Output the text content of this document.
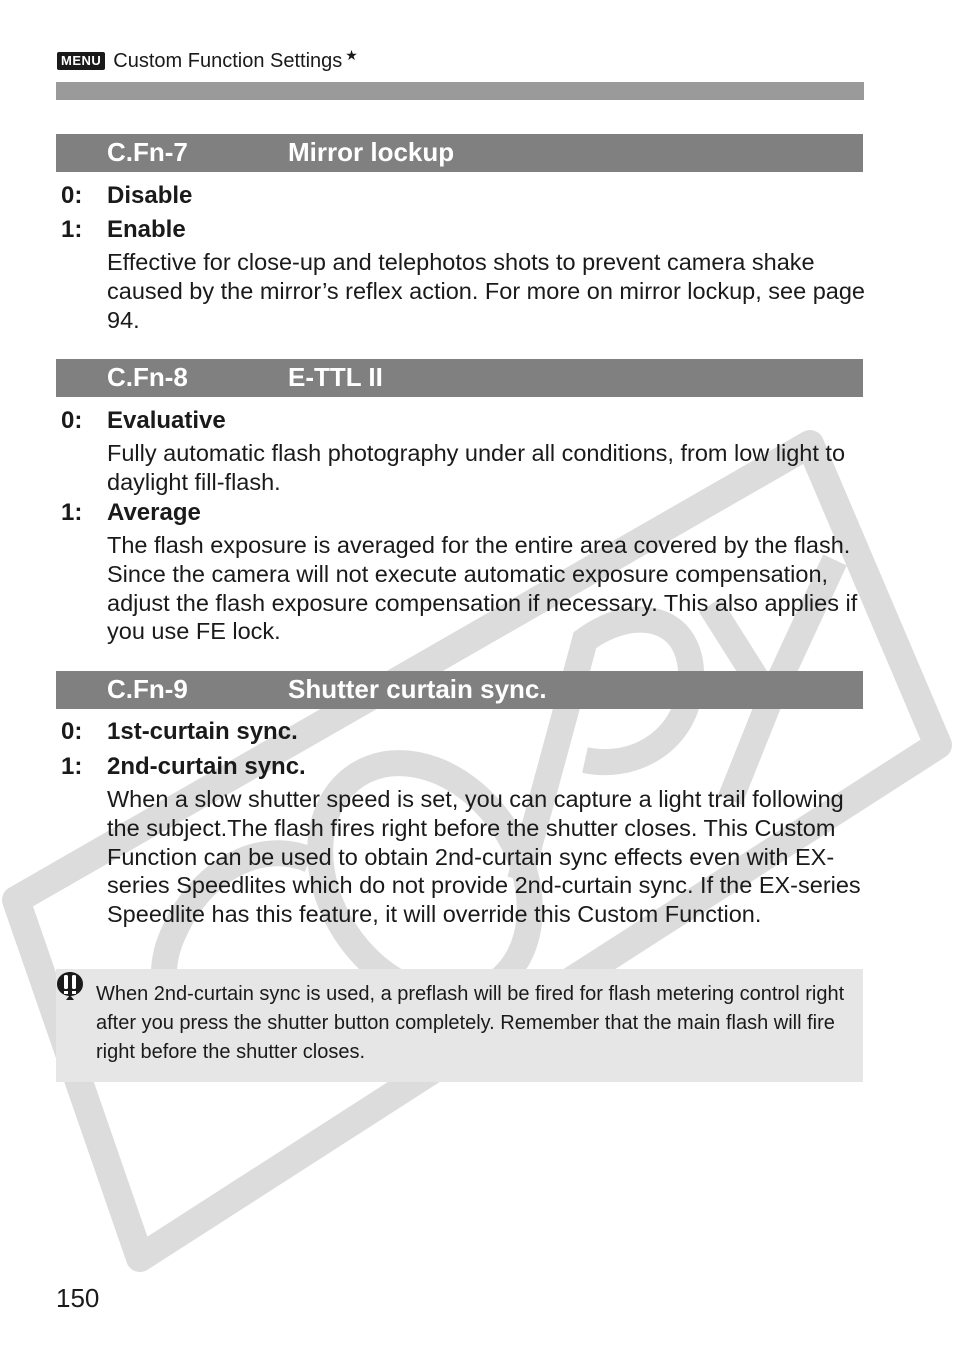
MENU Custom Function Settings ★
C.Fn-7	Mirror lockup
0: Disable
1: Enable
Effective for close-up and telephotos shots to prevent camera shake caused by the mirror’s reflex action. For more on mirror lockup, see page 94.
C.Fn-8	E-TTL II
0: Evaluative
Fully automatic flash photography under all conditions, from low light to daylight fill-flash.
1: Average
The flash exposure is averaged for the entire area covered by the flash. Since the camera will not execute automatic exposure compensation, adjust the flash exposure compensation if necessary. This also applies if you use FE lock.
C.Fn-9	Shutter curtain sync.
0: 1st-curtain sync.
1: 2nd-curtain sync.
When a slow shutter speed is set, you can capture a light trail following the subject.The flash fires right before the shutter closes. This Custom Function can be used to obtain 2nd-curtain sync effects even with EX-series Speedlites which do not provide 2nd-curtain sync. If the EX-series Speedlite has this feature, it will override this Custom Function.
When 2nd-curtain sync is used, a preflash will be fired for flash metering control right after you press the shutter button completely. Remember that the main flash will fire right before the shutter closes.
150
